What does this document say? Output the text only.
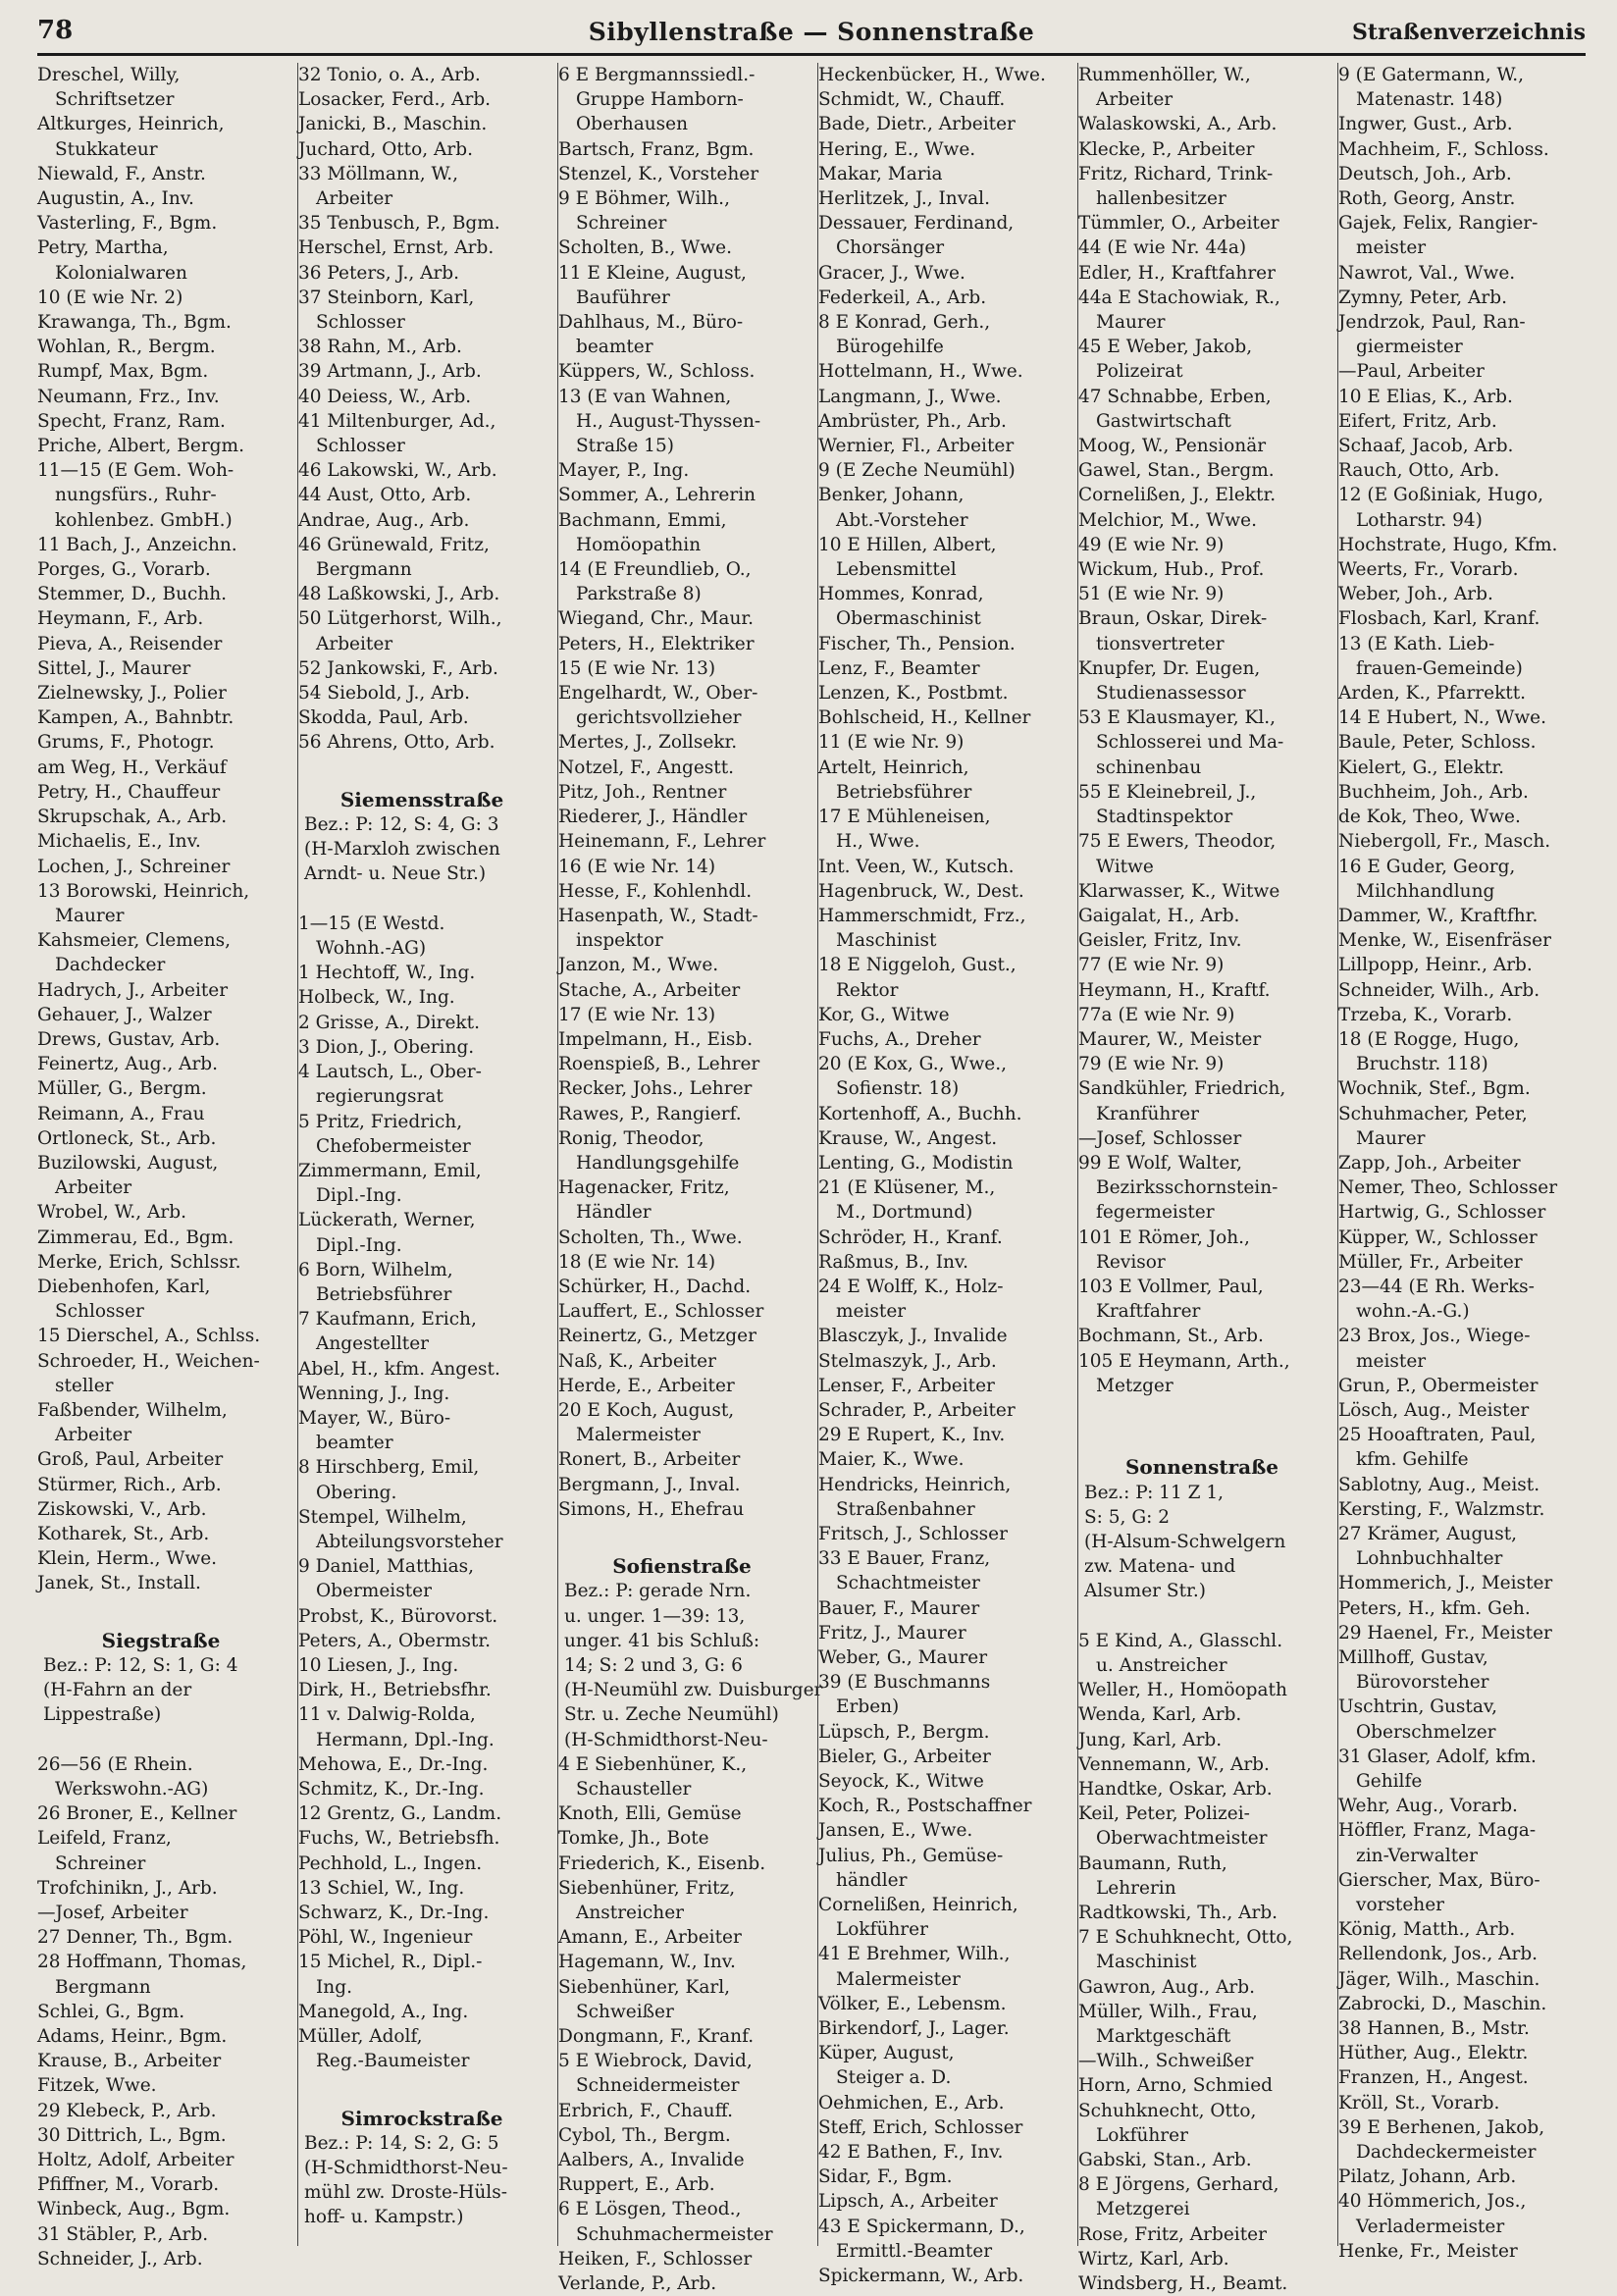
78	Sibyllenstraße — Sonnenstraße	Straßenverzeichnis
Dreschel, Willy,
Schriftsetzer
Altkurges, Heinrich,
Stukkateur
Niewald, F., Anstr.
Augustin, A., Inv.
Vasterling, F., Bgm.
Petry, Martha,
Kolonialwaren
10 (E wie Nr. 2)
Krawanga, Th., Bgm.
Wohlan, R., Bergm.
Rumpf, Max, Bgm.
Neumann, Frz., Inv.
Specht, Franz, Ram.
Priche, Albert, Bergm.
11—15 (E Gem. Woh-
nungsfürs., Ruhr-
kohlenbez. GmbH.)
11 Bach, J., Anzeichn.
Porges, G., Vorarb.
Stemmer, D., Buchh.
Heymann, F., Arb.
Pieva, A., Reisender
Sittel, J., Maurer
Zielnewsky, J., Polier
Kampen, A., Bahnbtr.
Grums, F., Photogr.
am Weg, H., Verkäuf
Petry, H., Chauffeur
Skrupschak, A., Arb.
Michaelis, E., Inv.
Lochen, J., Schreiner
13 Borowski, Heinrich,
Maurer
Kahsmeier, Clemens,
Dachdecker
Hadrych, J., Arbeiter
Gehauer, J., Walzer
Drews, Gustav, Arb.
Feinertz, Aug., Arb.
Müller, G., Bergm.
Reimann, A., Frau
Ortloneck, St., Arb.
Buzilowski, August,
Arbeiter
Wrobel, W., Arb.
Zimmerau, Ed., Bgm.
Merke, Erich, Schlssr.
Diebenhofen, Karl,
Schlosser
15 Dierschel, A., Schlss.
Schroeder, H., Weichen-
steller
Faßbender, Wilhelm,
Arbeiter
Groß, Paul, Arbeiter
Stürmer, Rich., Arb.
Ziskowski, V., Arb.
Kotharek, St., Arb.
Klein, Herm., Wwe.
Janek, St., Install.
Siegstraße
Bez.: P: 12, S: 1, G: 4
(H-Fahrn an der
Lippestraße)
26—56 (E Rhein.
Werkswohn.-AG)
26 Broner, E., Kellner
Leifeld, Franz,
Schreiner
Trofchinikn, J., Arb.
—Josef, Arbeiter
27 Denner, Th., Bgm.
28 Hoffmann, Thomas,
Bergmann
Schlei, G., Bgm.
Adams, Heinr., Bgm.
Krause, B., Arbeiter
Fitzek, Wwe.
29 Klebeck, P., Arb.
30 Dittrich, L., Bgm.
Holtz, Adolf, Arbeiter
Pfiffner, M., Vorarb.
Winbeck, Aug., Bgm.
31 Stäbler, P., Arb.
Schneider, J., Arb.
32 Tonio, o. A., Arb.
Losacker, Ferd., Arb.
Janicki, B., Maschin.
Juchard, Otto, Arb.
33 Möllmann, W.,
Arbeiter
35 Tenbusch, P., Bgm.
Herschel, Ernst, Arb.
36 Peters, J., Arb.
37 Steinborn, Karl,
Schlosser
38 Rahn, M., Arb.
39 Artmann, J., Arb.
40 Deiess, W., Arb.
41 Miltenburger, Ad.,
Schlosser
46 Lakowski, W., Arb.
44 Aust, Otto, Arb.
Andrae, Aug., Arb.
46 Grünewald, Fritz,
Bergmann
48 Laßkowski, J., Arb.
50 Lütgerhorst, Wilh.,
Arbeiter
52 Jankowski, F., Arb.
54 Siebold, J., Arb.
Skodda, Paul, Arb.
56 Ahrens, Otto, Arb.
Siemensstraße
Bez.: P: 12, S: 4, G: 3
(H-Marxloh zwischen
Arndt- u. Neue Str.)
1—15 (E Westd.
Wohnh.-AG)
1 Hechtoff, W., Ing.
Holbeck, W., Ing.
2 Grisse, A., Direkt.
3 Dion, J., Obering.
4 Lautsch, L., Ober-
regierungsrat
5 Pritz, Friedrich,
Chefobermeister
Zimmermann, Emil,
Dipl.-Ing.
Lückerath, Werner,
Dipl.-Ing.
6 Born, Wilhelm,
Betriebsführer
7 Kaufmann, Erich,
Angestellter
Abel, H., kfm. Angest.
Wenning, J., Ing.
Mayer, W., Büro-
beamter
8 Hirschberg, Emil,
Obering.
Stempel, Wilhelm,
Abteilungsvorsteher
9 Daniel, Matthias,
Obermeister
Probst, K., Bürovorst.
Peters, A., Obermstr.
10 Liesen, J., Ing.
Dirk, H., Betriebsfhr.
11 v. Dalwig-Rolda,
Hermann, Dpl.-Ing.
Mehowa, E., Dr.-Ing.
Schmitz, K., Dr.-Ing.
12 Grentz, G., Landm.
Fuchs, W., Betriebsfh.
Pechhold, L., Ingen.
13 Schiel, W., Ing.
Schwarz, K., Dr.-Ing.
Pöhl, W., Ingenieur
15 Michel, R., Dipl.-
Ing.
Manegold, A., Ing.
Müller, Adolf,
Reg.-Baumeister
Simrockstraße
Bez.: P: 14, S: 2, G: 5
(H-Schmidthorst-Neu-
mühl zw. Droste-Hüls-
hoff- u. Kampstr.)
6 E Bergmannssiedl.-
Gruppe Hamborn-
Oberhausen
Bartsch, Franz, Bgm.
Stenzel, K., Vorsteher
9 E Böhmer, Wilh.,
Schreiner
Scholten, B., Wwe.
11 E Kleine, August,
Bauführer
Dahlhaus, M., Büro-
beamter
Küppers, W., Schloss.
13 (E van Wahnen,
H., August-Thyssen-
Straße 15)
Mayer, P., Ing.
Sommer, A., Lehrerin
Bachmann, Emmi,
Homöopathin
14 (E Freundlieb, O.,
Parkstraße 8)
Wiegand, Chr., Maur.
Peters, H., Elektriker
15 (E wie Nr. 13)
Engelhardt, W., Ober-
gerichtsvollzieher
Mertes, J., Zollsekr.
Notzel, F., Angestt.
Pitz, Joh., Rentner
Riederer, J., Händler
Heinemann, F., Lehrer
16 (E wie Nr. 14)
Hesse, F., Kohlenhdl.
Hasenpath, W., Stadt-
inspektor
Janzon, M., Wwe.
Stache, A., Arbeiter
17 (E wie Nr. 13)
Impelmann, H., Eisb.
Roenspieß, B., Lehrer
Recker, Johs., Lehrer
Rawes, P., Rangierf.
Ronig, Theodor,
Handlungsgehilfe
Hagenacker, Fritz,
Händler
Scholten, Th., Wwe.
18 (E wie Nr. 14)
Schürker, H., Dachd.
Lauffert, E., Schlosser
Reinertz, G., Metzger
Naß, K., Arbeiter
Herde, E., Arbeiter
20 E Koch, August,
Malermeister
Ronert, B., Arbeiter
Bergmann, J., Inval.
Simons, H., Ehefrau
Sofienstraße
Bez.: P: gerade Nrn.
u. unger. 1—39: 13,
unger. 41 bis Schluß:
14; S: 2 und 3, G: 6
(H-Neumühl zw. Duisburger
Str. u. Zeche Neumühl)
(H-Schmidthorst-Neu-
4 E Siebenhüner, K.,
Schausteller
Knoth, Elli, Gemüse
Tomke, Jh., Bote
Friederich, K., Eisenb.
Siebenhüner, Fritz,
Anstreicher
Amann, E., Arbeiter
Hagemann, W., Inv.
Siebenhüner, Karl,
Schweißer
Dongmann, F., Kranf.
5 E Wiebrock, David,
Schneidermeister
Erbrich, F., Chauff.
Cybol, Th., Bergm.
Aalbers, A., Invalide
Ruppert, E., Arb.
6 E Lösgen, Theod.,
Schuhmachermeister
Heiken, F., Schlosser
Verlande, P., Arb.
Heckenbücker, H., Wwe.
Schmidt, W., Chauff.
Bade, Dietr., Arbeiter
Hering, E., Wwe.
Makar, Maria
Herlitzek, J., Inval.
Dessauer, Ferdinand,
Chorsänger
Gracer, J., Wwe.
Federkeil, A., Arb.
8 E Konrad, Gerh.,
Bürogehilfe
Hottelmann, H., Wwe.
Langmann, J., Wwe.
Ambrüster, Ph., Arb.
Wernier, Fl., Arbeiter
9 (E Zeche Neumühl)
Benker, Johann,
Abt.-Vorsteher
10 E Hillen, Albert,
Lebensmittel
Hommes, Konrad,
Obermaschinist
Fischer, Th., Pension.
Lenz, F., Beamter
Lenzen, K., Postbmt.
Bohlscheid, H., Kellner
11 (E wie Nr. 9)
Artelt, Heinrich,
Betriebsführer
17 E Mühleneisen,
H., Wwe.
Int. Veen, W., Kutsch.
Hagenbruck, W., Dest.
Hammerschmidt, Frz.,
Maschinist
18 E Niggeloh, Gust.,
Rektor
Kor, G., Witwe
Fuchs, A., Dreher
20 (E Kox, G., Wwe.,
Sofienstr. 18)
Kortenhoff, A., Buchh.
Krause, W., Angest.
Lenting, G., Modistin
21 (E Klüsener, M.,
M., Dortmund)
Schröder, H., Kranf.
Raßmus, B., Inv.
24 E Wolff, K., Holz-
meister
Blasczyk, J., Invalide
Stelmaszyk, J., Arb.
Lenser, F., Arbeiter
Schrader, P., Arbeiter
29 E Rupert, K., Inv.
Maier, K., Wwe.
Hendricks, Heinrich,
Straßenbahner
Fritsch, J., Schlosser
33 E Bauer, Franz,
Schachtmeister
Bauer, F., Maurer
Fritz, J., Maurer
Weber, G., Maurer
39 (E Buschmanns
Erben)
Lüpsch, P., Bergm.
Bieler, G., Arbeiter
Seyock, K., Witwe
Koch, R., Postschaffner
Jansen, E., Wwe.
Julius, Ph., Gemüse-
händler
Cornelißen, Heinrich,
Lokführer
41 E Brehmer, Wilh.,
Malermeister
Völker, E., Lebensm.
Birkendorf, J., Lager.
Küper, August,
Steiger a. D.
Oehmichen, E., Arb.
Steff, Erich, Schlosser
42 E Bathen, F., Inv.
Sidar, F., Bgm.
Lipsch, A., Arbeiter
43 E Spickermann, D.,
Ermittl.-Beamter
Spickermann, W., Arb.
Rummenhöller, W.,
Arbeiter
Walaskowski, A., Arb.
Klecke, P., Arbeiter
Fritz, Richard, Trink-
hallenbesitzer
Tümmler, O., Arbeiter
44 (E wie Nr. 44a)
Edler, H., Kraftfahrer
44a E Stachowiak, R.,
Maurer
45 E Weber, Jakob,
Polizeirat
47 Schnabbe, Erben,
Gastwirtschaft
Moog, W., Pensionär
Gawel, Stan., Bergm.
Cornelißen, J., Elektr.
Melchior, M., Wwe.
49 (E wie Nr. 9)
Wickum, Hub., Prof.
51 (E wie Nr. 9)
Braun, Oskar, Direk-
tionsvertreter
Knupfer, Dr. Eugen,
Studienassessor
53 E Klausmayer, Kl.,
Schlosserei und Ma-
schinenbau
55 E Kleinebreil, J.,
Stadtinspektor
75 E Ewers, Theodor,
Witwe
Klarwasser, K., Witwe
Gaigalat, H., Arb.
Geisler, Fritz, Inv.
77 (E wie Nr. 9)
Heymann, H., Kraftf.
77a (E wie Nr. 9)
Maurer, W., Meister
79 (E wie Nr. 9)
Sandkühler, Friedrich,
Kranführer
—Josef, Schlosser
99 E Wolf, Walter,
Bezirksschornstein-
fegermeister
101 E Römer, Joh.,
Revisor
103 E Vollmer, Paul,
Kraftfahrer
Bochmann, St., Arb.
105 E Heymann, Arth.,
Metzger
Sonnenstraße
Bez.: P: 11 Z 1,
S: 5, G: 2
(H-Alsum-Schwelgern
zw. Matena- und
Alsumer Str.)
5 E Kind, A., Glasschl.
u. Anstreicher
Weller, H., Homöopath
Wenda, Karl, Arb.
Jung, Karl, Arb.
Vennemann, W., Arb.
Handtke, Oskar, Arb.
Keil, Peter, Polizei-
Oberwachtmeister
Baumann, Ruth,
Lehrerin
Radtkowski, Th., Arb.
7 E Schuhknecht, Otto,
Maschinist
Gawron, Aug., Arb.
Müller, Wilh., Frau,
Marktgeschäft
—Wilh., Schweißer
Horn, Arno, Schmied
Schuhknecht, Otto,
Lokführer
Gabski, Stan., Arb.
8 E Jörgens, Gerhard,
Metzgerei
Rose, Fritz, Arbeiter
Wirtz, Karl, Arb.
Windsberg, H., Beamt.
9 (E Gatermann, W.,
Matenastr. 148)
Ingwer, Gust., Arb.
Machheim, F., Schloss.
Deutsch, Joh., Arb.
Roth, Georg, Anstr.
Gajek, Felix, Rangier-
meister
Nawrot, Val., Wwe.
Zymny, Peter, Arb.
Jendrzok, Paul, Ran-
giermeister
—Paul, Arbeiter
10 E Elias, K., Arb.
Eifert, Fritz, Arb.
Schaaf, Jacob, Arb.
Rauch, Otto, Arb.
12 (E Goßiniak, Hugo,
Lotharstr. 94)
Hochstrate, Hugo, Kfm.
Weerts, Fr., Vorarb.
Weber, Joh., Arb.
Flosbach, Karl, Kranf.
13 (E Kath. Lieb-
frauen-Gemeinde)
Arden, K., Pfarrektt.
14 E Hubert, N., Wwe.
Baule, Peter, Schloss.
Kielert, G., Elektr.
Buchheim, Joh., Arb.
de Kok, Theo, Wwe.
Niebergoll, Fr., Masch.
16 E Guder, Georg,
Milchhandlung
Dammer, W., Kraftfhr.
Menke, W., Eisenfräser
Lillpopp, Heinr., Arb.
Schneider, Wilh., Arb.
Trzeba, K., Vorarb.
18 (E Rogge, Hugo,
Bruchstr. 118)
Wochnik, Stef., Bgm.
Schuhmacher, Peter,
Maurer
Zapp, Joh., Arbeiter
Nemer, Theo, Schlosser
Hartwig, G., Schlosser
Küpper, W., Schlosser
Müller, Fr., Arbeiter
23—44 (E Rh. Werks-
wohn.-A.-G.)
23 Brox, Jos., Wiege-
meister
Grun, P., Obermeister
Lösch, Aug., Meister
25 Hooaftraten, Paul,
kfm. Gehilfe
Sablotny, Aug., Meist.
Kersting, F., Walzmstr.
27 Krämer, August,
Lohnbuchhalter
Hommerich, J., Meister
Peters, H., kfm. Geh.
29 Haenel, Fr., Meister
Millhoff, Gustav,
Bürovorsteher
Uschtrin, Gustav,
Oberschmelzer
31 Glaser, Adolf, kfm.
Gehilfe
Wehr, Aug., Vorarb.
Höffler, Franz, Maga-
zin-Verwalter
Gierscher, Max, Büro-
vorsteher
König, Matth., Arb.
Rellendonk, Jos., Arb.
Jäger, Wilh., Maschin.
Zabrocki, D., Maschin.
38 Hannen, B., Mstr.
Hüther, Aug., Elektr.
Franzen, H., Angest.
Kröll, St., Vorarb.
39 E Berhenen, Jakob,
Dachdeckermeister
Pilatz, Johann, Arb.
40 Hömmerich, Jos.,
Verladermeister
Henke, Fr., Meister
